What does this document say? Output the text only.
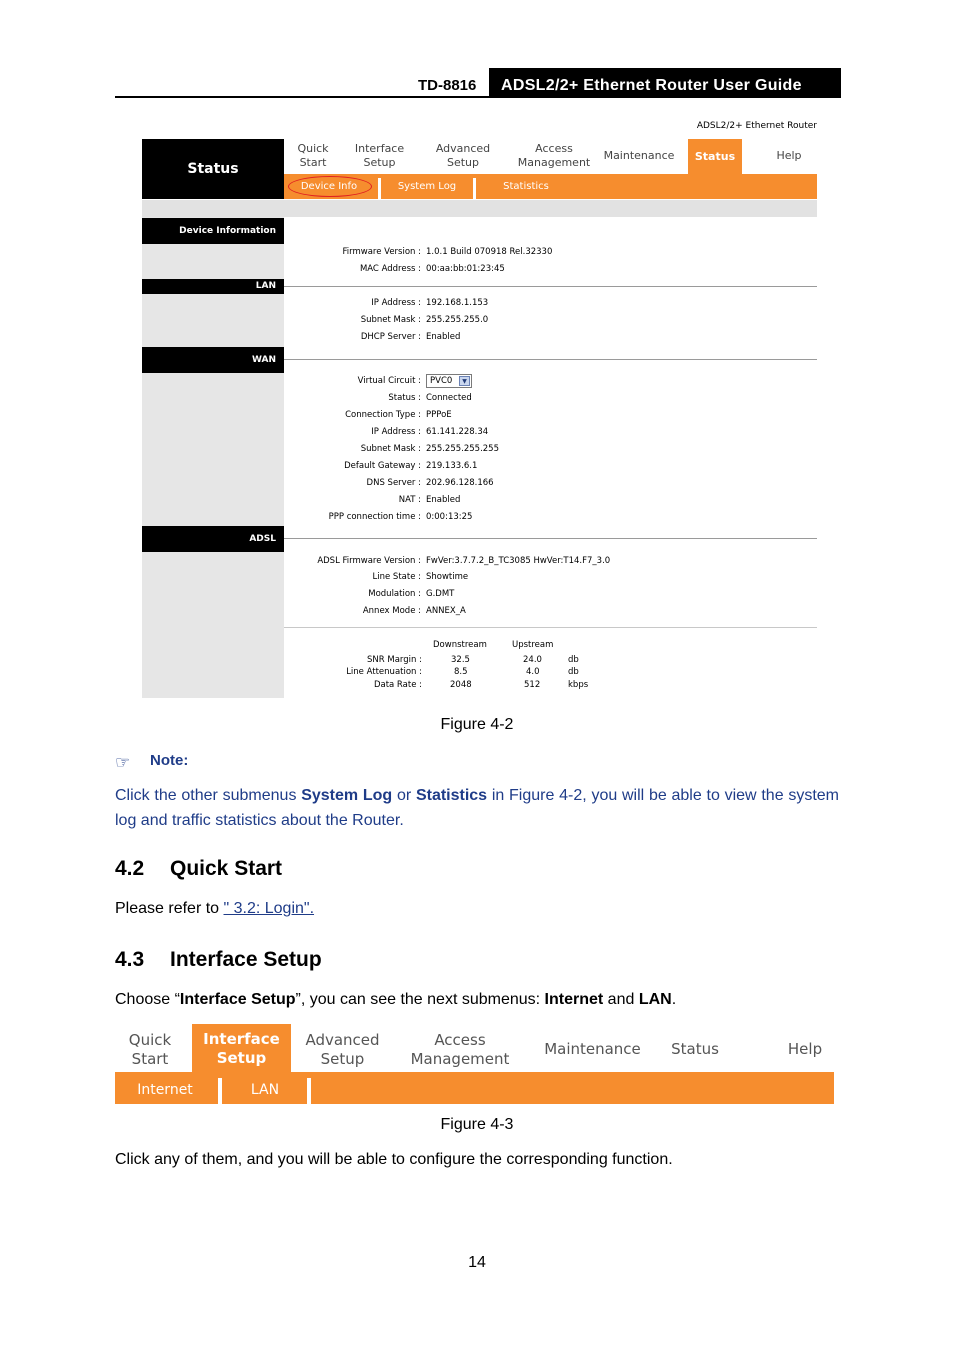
TD-8816	ADSL2/2+ Ethernet Router User Guide
ADSL2/2+ Ethernet Router
Status
Quick
Start
Interface
Setup
Advanced
Setup
Access
Management
Maintenance	Status	Help
Device Info	System Log	Statistics
Device Information
LAN
WAN
ADSL
Firmware Version : 1.0.1 Build 070918 Rel.32330
MAC Address : 00:aa:bb:01:23:45
IP Address : 192.168.1.153
Subnet Mask : 255.255.255.0
DHCP Server : Enabled
Virtual Circuit :	PVC0	▼
Status : Connected
Connection Type : PPPoE
IP Address : 61.141.228.34
Subnet Mask : 255.255.255.255
Default Gateway : 219.133.6.1
DNS Server : 202.96.128.166
NAT : Enabled
PPP connection time : 0:00:13:25
ADSL Firmware Version : FwVer:3.7.7.2_B_TC3085 HwVer:T14.F7_3.0
Line State : Showtime
Modulation : G.DMT
Annex Mode : ANNEX_A
Downstream	Upstream
SNR Margin :	32.5	24.0	db
Line Attenuation :	8.5	4.0	db
Data Rate :	2048	512	kbps
Figure 4-2
☞ Note:
Click the other submenus System Log or Statistics in Figure 4-2, you will be able to view the system log and traffic statistics about the Router.
4.2 Quick Start
Please refer to " 3.2: Login".
4.3 Interface Setup
Choose “Interface Setup”, you can see the next submenus: Internet and LAN.
Quick
Start
Interface
Setup
Advanced
Setup
Access
Management
Maintenance	Status	Help
Internet	LAN
Figure 4-3
Click any of them, and you will be able to configure the corresponding function.
14
